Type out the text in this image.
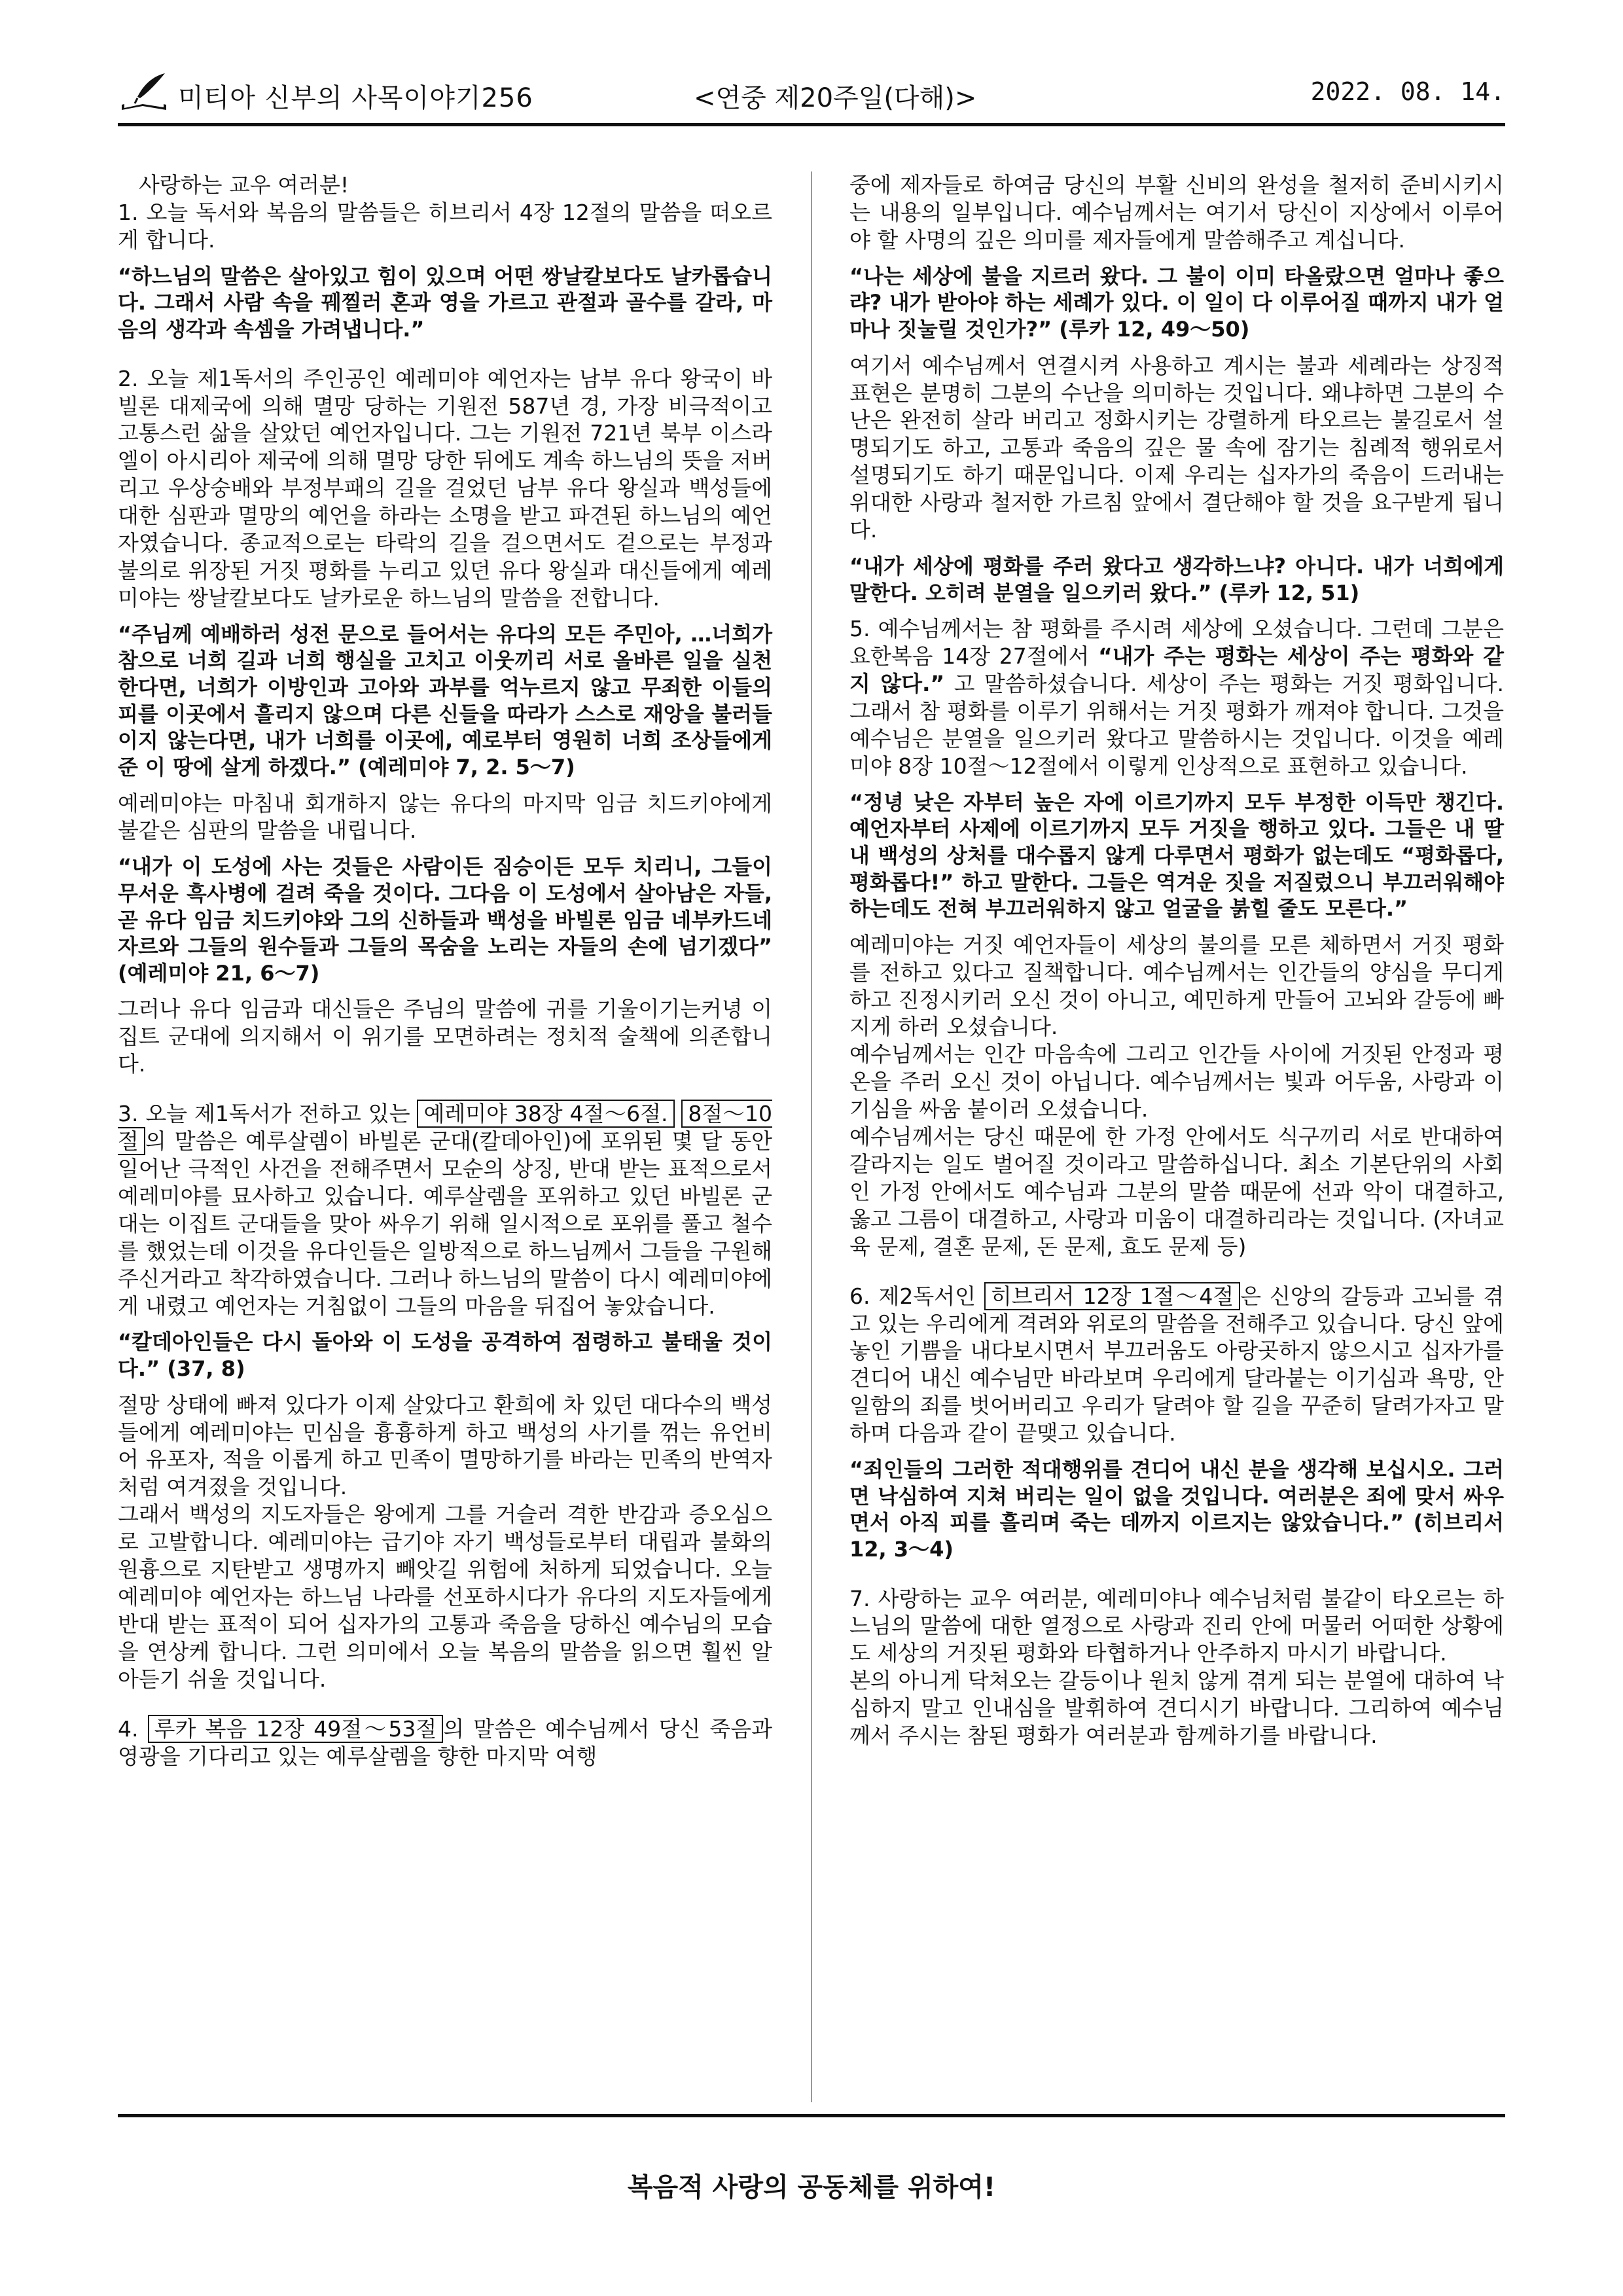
미티아 신부의 사목이야기256	<연중 제20주일(다해)>	2022. 08. 14.

사랑하는 교우 여러분!

1. 오늘 독서와 복음의 말씀들은 히브리서 4장 12절의 말씀을 떠오르게 합니다.

“하느님의 말씀은 살아있고 힘이 있으며 어떤 쌍날칼보다도 날카롭습니다. 그래서 사람 속을 꿰찔러 혼과 영을 가르고 관절과 골수를 갈라, 마음의 생각과 속셈을 가려냅니다.”

2. 오늘 제1독서의 주인공인 예레미야 예언자는 남부 유다 왕국이 바빌론 대제국에 의해 멸망 당하는 기원전 587년 경, 가장 비극적이고 고통스런 삶을 살았던 예언자입니다. 그는 기원전 721년 북부 이스라엘이 아시리아 제국에 의해 멸망 당한 뒤에도 계속 하느님의 뜻을 저버리고 우상숭배와 부정부패의 길을 걸었던 남부 유다 왕실과 백성들에 대한 심판과 멸망의 예언을 하라는 소명을 받고 파견된 하느님의 예언자였습니다. 종교적으로는 타락의 길을 걸으면서도 겉으로는 부정과 불의로 위장된 거짓 평화를 누리고 있던 유다 왕실과 대신들에게 예레미야는 쌍날칼보다도 날카로운 하느님의 말씀을 전합니다.

“주님께 예배하러 성전 문으로 들어서는 유다의 모든 주민아, …너희가 참으로 너희 길과 너희 행실을 고치고 이웃끼리 서로 올바른 일을 실천한다면, 너희가 이방인과 고아와 과부를 억누르지 않고 무죄한 이들의 피를 이곳에서 흘리지 않으며 다른 신들을 따라가 스스로 재앙을 불러들이지 않는다면, 내가 너희를 이곳에, 예로부터 영원히 너희 조상들에게 준 이 땅에 살게 하겠다.” (예레미야 7, 2. 5～7)

예레미야는 마침내 회개하지 않는 유다의 마지막 임금 치드키야에게 불같은 심판의 말씀을 내립니다.

“내가 이 도성에 사는 것들은 사람이든 짐승이든 모두 치리니, 그들이 무서운 흑사병에 걸려 죽을 것이다. 그다음 이 도성에서 살아남은 자들, 곧 유다 임금 치드키야와 그의 신하들과 백성을 바빌론 임금 네부카드네자르와 그들의 원수들과 그들의 목숨을 노리는 자들의 손에 넘기겠다” (예레미야 21, 6～7)

그러나 유다 임금과 대신들은 주님의 말씀에 귀를 기울이기는커녕 이집트 군대에 의지해서 이 위기를 모면하려는 정치적 술책에 의존합니다.

3. 오늘 제1독서가 전하고 있는 예레미야 38장 4절～6절. 8절～10절 의 말씀은 예루살렘이 바빌론 군대(칼데아인)에 포위된 몇 달 동안 일어난 극적인 사건을 전해주면서 모순의 상징, 반대 받는 표적으로서 예레미야를 묘사하고 있습니다. 예루살렘을 포위하고 있던 바빌론 군대는 이집트 군대들을 맞아 싸우기 위해 일시적으로 포위를 풀고 철수를 했었는데 이것을 유다인들은 일방적으로 하느님께서 그들을 구원해 주신거라고 착각하였습니다. 그러나 하느님의 말씀이 다시 예레미야에게 내렸고 예언자는 거침없이 그들의 마음을 뒤집어 놓았습니다.

“칼데아인들은 다시 돌아와 이 도성을 공격하여 점령하고 불태울 것이다.” (37, 8)

절망 상태에 빠져 있다가 이제 살았다고 환희에 차 있던 대다수의 백성들에게 예레미야는 민심을 흉흉하게 하고 백성의 사기를 꺾는 유언비어 유포자, 적을 이롭게 하고 민족이 멸망하기를 바라는 민족의 반역자처럼 여겨졌을 것입니다.

그래서 백성의 지도자들은 왕에게 그를 거슬러 격한 반감과 증오심으로 고발합니다. 예레미야는 급기야 자기 백성들로부터 대립과 불화의 원흉으로 지탄받고 생명까지 빼앗길 위험에 처하게 되었습니다. 오늘 예레미야 예언자는 하느님 나라를 선포하시다가 유다의 지도자들에게 반대 받는 표적이 되어 십자가의 고통과 죽음을 당하신 예수님의 모습을 연상케 합니다. 그런 의미에서 오늘 복음의 말씀을 읽으면 훨씬 알아듣기 쉬울 것입니다.

4. 루카 복음 12장 49절～53절 의 말씀은 예수님께서 당신 죽음과 영광을 기다리고 있는 예루살렘을 향한 마지막 여행

중에 제자들로 하여금 당신의 부활 신비의 완성을 철저히 준비시키시는 내용의 일부입니다. 예수님께서는 여기서 당신이 지상에서 이루어야 할 사명의 깊은 의미를 제자들에게 말씀해주고 계십니다.

“나는 세상에 불을 지르러 왔다. 그 불이 이미 타올랐으면 얼마나 좋으랴? 내가 받아야 하는 세례가 있다. 이 일이 다 이루어질 때까지 내가 얼마나 짓눌릴 것인가?” (루카 12, 49～50)

여기서 예수님께서 연결시켜 사용하고 계시는 불과 세례라는 상징적 표현은 분명히 그분의 수난을 의미하는 것입니다. 왜냐하면 그분의 수난은 완전히 살라 버리고 정화시키는 강렬하게 타오르는 불길로서 설명되기도 하고, 고통과 죽음의 깊은 물 속에 잠기는 침례적 행위로서 설명되기도 하기 때문입니다. 이제 우리는 십자가의 죽음이 드러내는 위대한 사랑과 철저한 가르침 앞에서 결단해야 할 것을 요구받게 됩니다.

“내가 세상에 평화를 주러 왔다고 생각하느냐? 아니다. 내가 너희에게 말한다. 오히려 분열을 일으키러 왔다.” (루카 12, 51)

5. 예수님께서는 참 평화를 주시려 세상에 오셨습니다. 그런데 그분은 요한복음 14장 27절에서 “내가 주는 평화는 세상이 주는 평화와 같지 않다.” 고 말씀하셨습니다. 세상이 주는 평화는 거짓 평화입니다. 그래서 참 평화를 이루기 위해서는 거짓 평화가 깨져야 합니다. 그것을 예수님은 분열을 일으키러 왔다고 말씀하시는 것입니다. 이것을 예레미야 8장 10절～12절에서 이렇게 인상적으로 표현하고 있습니다.

“정녕 낮은 자부터 높은 자에 이르기까지 모두 부정한 이득만 챙긴다. 예언자부터 사제에 이르기까지 모두 거짓을 행하고 있다. 그들은 내 딸 내 백성의 상처를 대수롭지 않게 다루면서 평화가 없는데도 “평화롭다, 평화롭다!” 하고 말한다. 그들은 역겨운 짓을 저질렀으니 부끄러워해야 하는데도 전혀 부끄러워하지 않고 얼굴을 붉힐 줄도 모른다.”

예레미야는 거짓 예언자들이 세상의 불의를 모른 체하면서 거짓 평화를 전하고 있다고 질책합니다. 예수님께서는 인간들의 양심을 무디게 하고 진정시키러 오신 것이 아니고, 예민하게 만들어 고뇌와 갈등에 빠지게 하러 오셨습니다.

예수님께서는 인간 마음속에 그리고 인간들 사이에 거짓된 안정과 평온을 주러 오신 것이 아닙니다. 예수님께서는 빛과 어두움, 사랑과 이기심을 싸움 붙이러 오셨습니다.

예수님께서는 당신 때문에 한 가정 안에서도 식구끼리 서로 반대하여 갈라지는 일도 벌어질 것이라고 말씀하십니다. 최소 기본단위의 사회인 가정 안에서도 예수님과 그분의 말씀 때문에 선과 악이 대결하고, 옳고 그름이 대결하고, 사랑과 미움이 대결하리라는 것입니다. (자녀교육 문제, 결혼 문제, 돈 문제, 효도 문제 등)

6. 제2독서인 히브리서 12장 1절～4절 은 신앙의 갈등과 고뇌를 겪고 있는 우리에게 격려와 위로의 말씀을 전해주고 있습니다. 당신 앞에 놓인 기쁨을 내다보시면서 부끄러움도 아랑곳하지 않으시고 십자가를 견디어 내신 예수님만 바라보며 우리에게 달라붙는 이기심과 욕망, 안일함의 죄를 벗어버리고 우리가 달려야 할 길을 꾸준히 달려가자고 말하며 다음과 같이 끝맺고 있습니다.

“죄인들의 그러한 적대행위를 견디어 내신 분을 생각해 보십시오. 그러면 낙심하여 지쳐 버리는 일이 없을 것입니다. 여러분은 죄에 맞서 싸우면서 아직 피를 흘리며 죽는 데까지 이르지는 않았습니다.” (히브리서 12, 3～4)

7. 사랑하는 교우 여러분, 예레미야나 예수님처럼 불같이 타오르는 하느님의 말씀에 대한 열정으로 사랑과 진리 안에 머물러 어떠한 상황에도 세상의 거짓된 평화와 타협하거나 안주하지 마시기 바랍니다.

본의 아니게 닥쳐오는 갈등이나 원치 않게 겪게 되는 분열에 대하여 낙심하지 말고 인내심을 발휘하여 견디시기 바랍니다. 그리하여 예수님께서 주시는 참된 평화가 여러분과 함께하기를 바랍니다.

복음적 사랑의 공동체를 위하여!
